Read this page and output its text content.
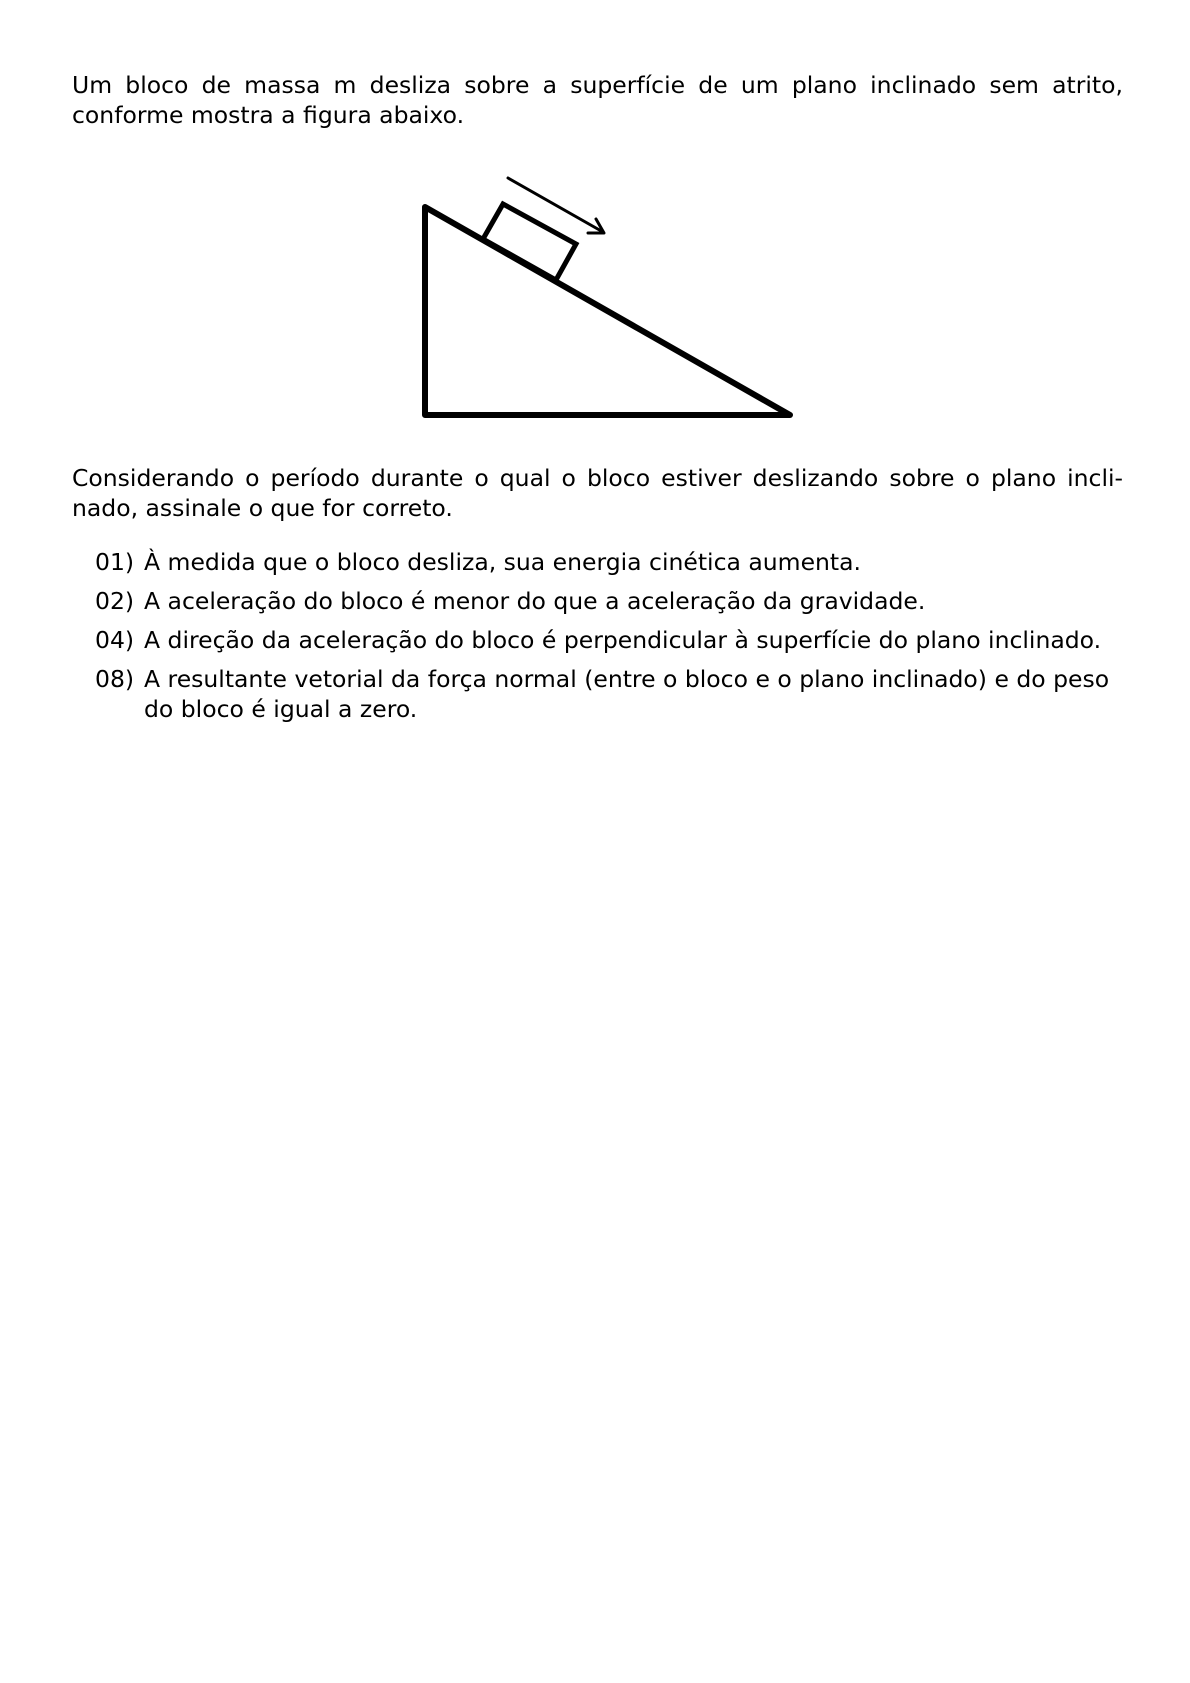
Um bloco de massa m desliza sobre a superfície de um plano inclinado sem atrito, conforme mostra a figura abaixo.

Considerando o período durante o qual o bloco estiver deslizando sobre o plano incli-nado, assinale o que for correto.

01) À medida que o bloco desliza, sua energia cinética aumenta.
02) A aceleração do bloco é menor do que a aceleração da gravidade.
04) A direção da aceleração do bloco é perpendicular à superfície do plano inclinado.
08) A resultante vetorial da força normal (entre o bloco e o plano inclinado) e do peso do bloco é igual a zero.
